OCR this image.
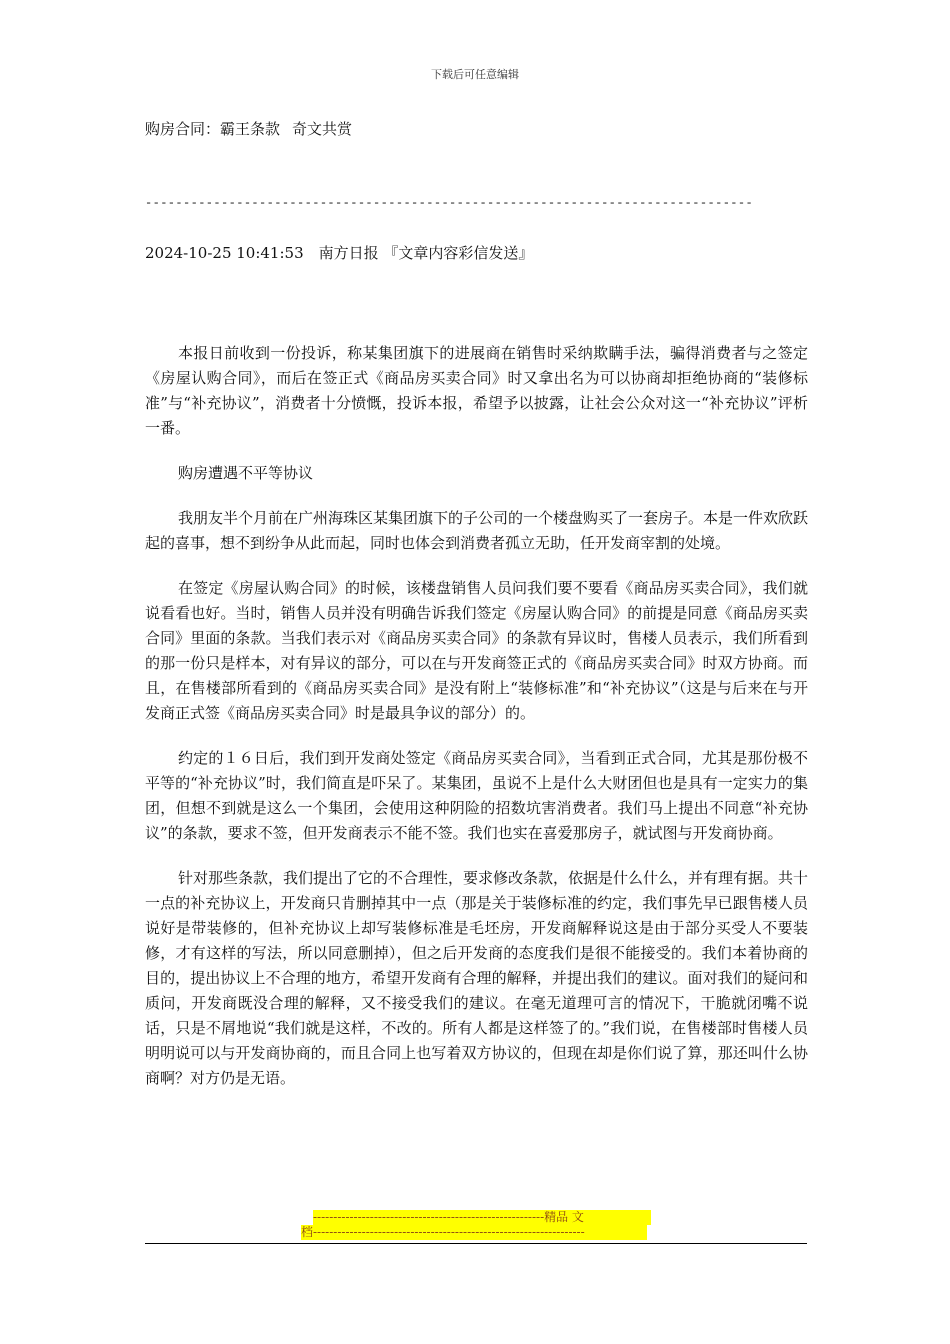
下载后可任意编辑
购房合同：霸王条款 奇文共赏
--------------------------------------------------------------------------------
2024-10-25 10:41:53　南方日报 『文章内容彩信发送』

本报日前收到一份投诉，称某集团旗下的进展商在销售时采纳欺瞒手法，骗得消费者与之签定《房屋认购合同》，而后在签正式《商品房买卖合同》时又拿出名为可以协商却拒绝协商的“装修标准”与“补充协议”，消费者十分愤慨，投诉本报，希望予以披露，让社会公众对这一“补充协议”评析一番。

购房遭遇不平等协议

我朋友半个月前在广州海珠区某集团旗下的子公司的一个楼盘购买了一套房子。本是一件欢欣跃起的喜事，想不到纷争从此而起，同时也体会到消费者孤立无助，任开发商宰割的处境。

在签定《房屋认购合同》的时候，该楼盘销售人员问我们要不要看《商品房买卖合同》，我们就说看看也好。当时，销售人员并没有明确告诉我们签定《房屋认购合同》的前提是同意《商品房买卖合同》里面的条款。当我们表示对《商品房买卖合同》的条款有异议时，售楼人员表示，我们所看到的那一份只是样本，对有异议的部分，可以在与开发商签正式的《商品房买卖合同》时双方协商。而且，在售楼部所看到的《商品房买卖合同》是没有附上“装修标准”和“补充协议”（这是与后来在与开发商正式签《商品房买卖合同》时是最具争议的部分）的。

约定的１６日后，我们到开发商处签定《商品房买卖合同》，当看到正式合同，尤其是那份极不平等的“补充协议”时，我们简直是吓呆了。某集团，虽说不上是什么大财团但也是具有一定实力的集团，但想不到就是这么一个集团，会使用这种阴险的招数坑害消费者。我们马上提出不同意“补充协议”的条款，要求不签，但开发商表示不能不签。我们也实在喜爱那房子，就试图与开发商协商。

针对那些条款，我们提出了它的不合理性，要求修改条款，依据是什么什么，并有理有据。共十一点的补充协议上，开发商只肯删掉其中一点（那是关于装修标准的约定，我们事先早已跟售楼人员说好是带装修的，但补充协议上却写装修标准是毛坯房，开发商解释说这是由于部分买受人不要装修，才有这样的写法，所以同意删掉），但之后开发商的态度我们是很不能接受的。我们本着协商的目的，提出协议上不合理的地方，希望开发商有合理的解释，并提出我们的建议。面对我们的疑问和质问，开发商既没合理的解释，又不接受我们的建议。在毫无道理可言的情况下，干脆就闭嘴不说话，只是不屑地说“我们就是这样，不改的。所有人都是这样签了的。”我们说，在售楼部时售楼人员明明说可以与开发商协商的，而且合同上也写着双方协议的，但现在却是你们说了算，那还叫什么协商啊？对方仍是无语。

---------------------------------------------------------精品 文
档-------------------------------------------------------------------
